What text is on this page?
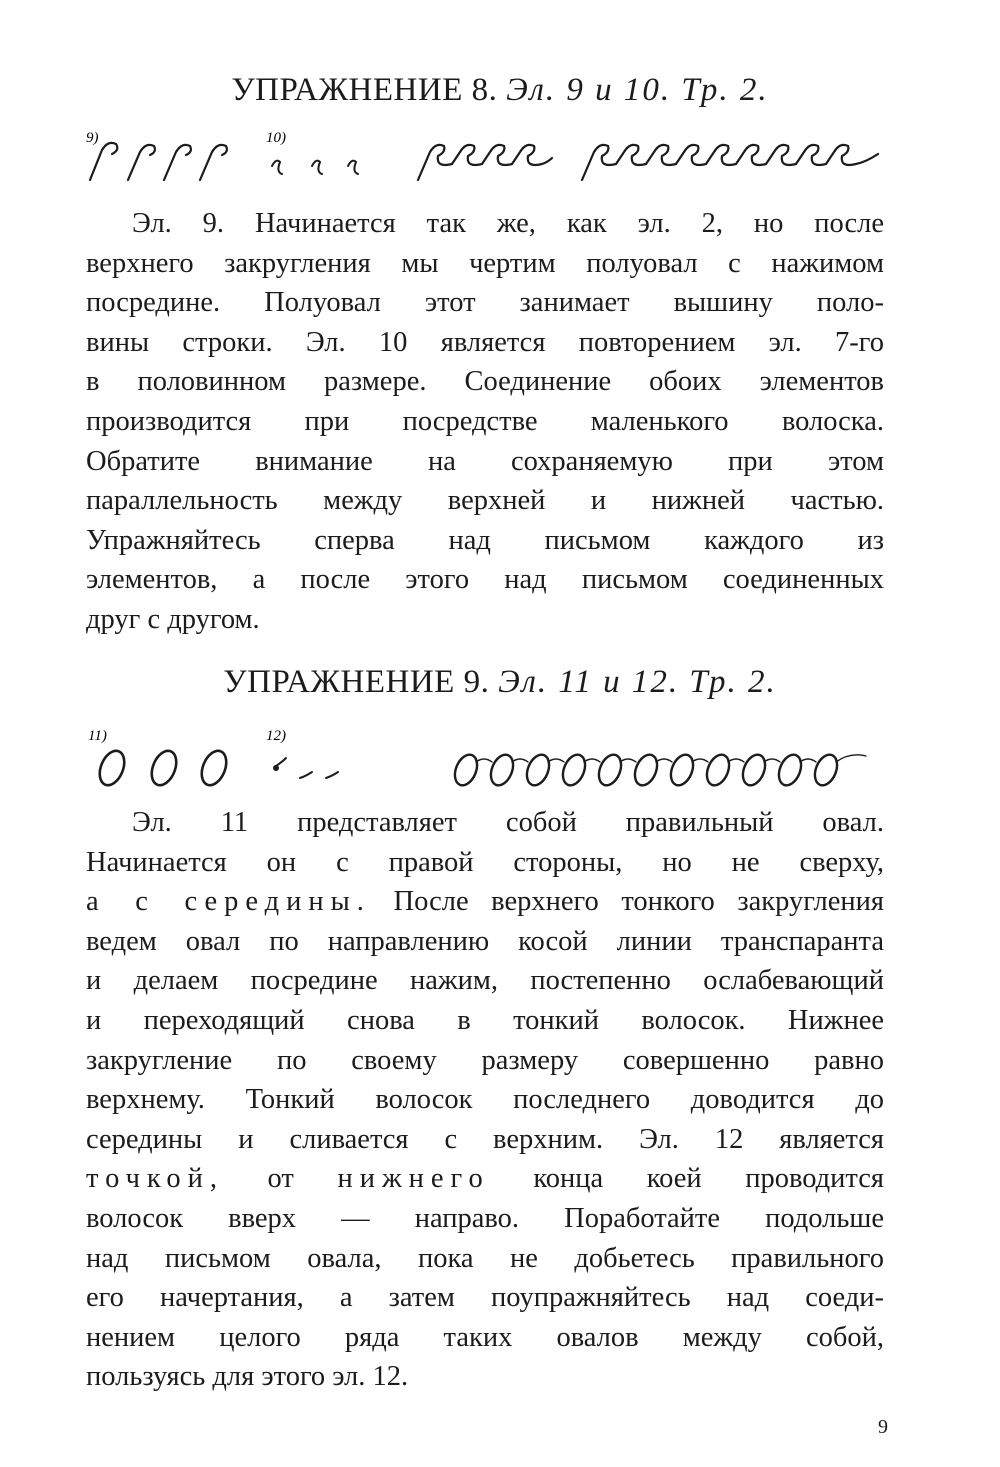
УПРАЖНЕНИЕ 8. Эл. 9 и 10. Тр. 2.
9)	10)
Эл. 9. Начинается так же, как эл. 2, но после
верхнего закругления мы чертим полуовал с нажимом
посредине. Полуовал этот занимает вышину поло-
вины строки. Эл. 10 является повторением эл. 7-го
в половинном размере. Соединение обоих элементов
производится при посредстве маленького волоска.
Обратите внимание на сохраняемую при этом
параллельность между верхней и нижней частью.
Упражняйтесь сперва над письмом каждого из
элементов, а после этого над письмом соединенных
друг с другом.
УПРАЖНЕНИЕ 9. Эл. 11 и 12. Тр. 2.
11)	12)
Эл. 11 представляет собой правильный овал.
Начинается он с правой стороны, но не сверху,
а с середины. После верхнего тонкого закругления
ведем овал по направлению косой линии транспаранта
и делаем посредине нажим, постепенно ослабевающий
и переходящий снова в тонкий волосок. Нижнее
закругление по своему размеру совершенно равно
верхнему. Тонкий волосок последнего доводится до
середины и сливается с верхним. Эл. 12 является
точкой, от нижнего конца коей проводится
волосок вверх — направо. Поработайте подольше
над письмом овала, пока не добьетесь правильного
его начертания, а затем поупражняйтесь над соеди-
нением целого ряда таких овалов между собой,
пользуясь для этого эл. 12.
9
